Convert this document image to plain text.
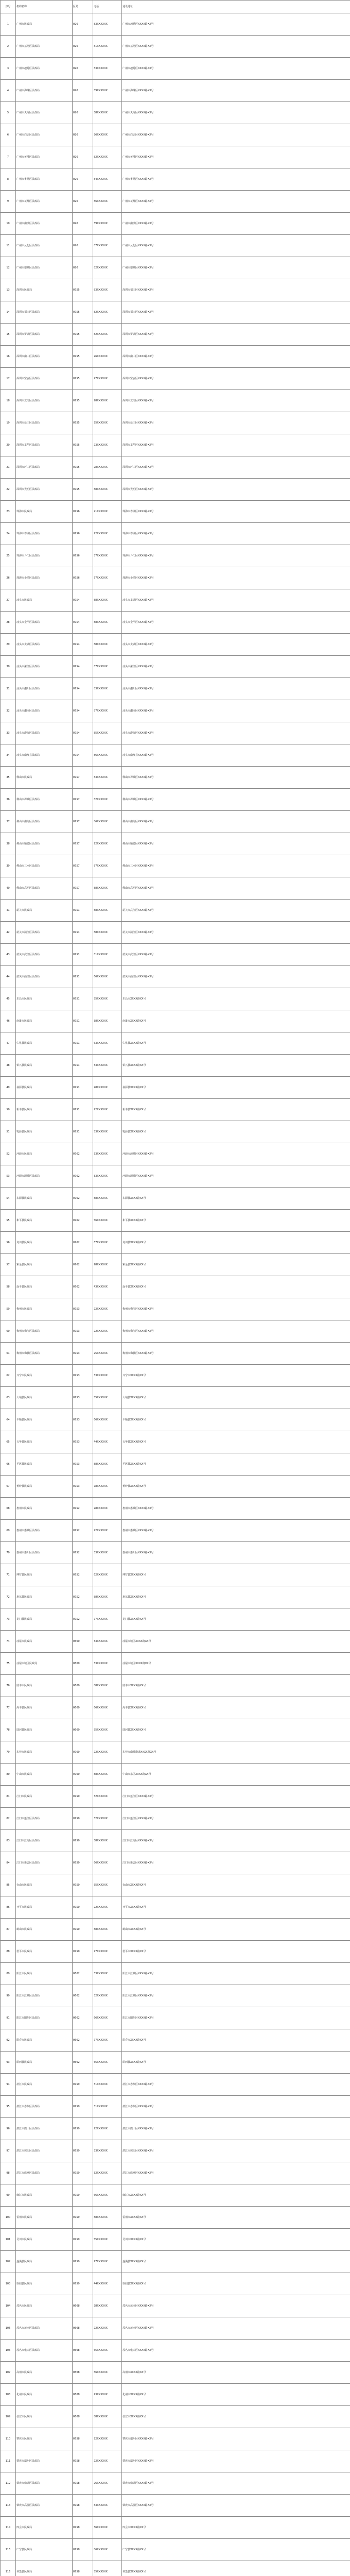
序号	机构名称	区号	电话	通讯地址
1	广州市民政局	020	83XXXXXX	广州市越秀区XXXX路XX号
2	广州市荔湾区民政局	020	81XXXXXX	广州市荔湾区XXXX路XX号
3	广州市越秀区民政局	020	83XXXXXX	广州市越秀区XXXX路XX号
4	广州市海珠区民政局	020	89XXXXXX	广州市海珠区XXXX路XX号
5	广州市天河区民政局	020	38XXXXXX	广州市天河区XXXX路XX号
6	广州市白云区民政局	020	36XXXXXX	广州市白云区XXXX路XX号
7	广州市黄埔区民政局	020	82XXXXXX	广州市黄埔区XXXX路XX号
8	广州市番禺区民政局	020	84XXXXXX	广州市番禺区XXXX路XX号
9	广州市花都区民政局	020	86XXXXXX	广州市花都区XXXX路XX号
10	广州市南沙区民政局	020	39XXXXXX	广州市南沙区XXXX路XX号
11	广州市从化区民政局	020	87XXXXXX	广州市从化区XXXX路XX号
12	广州市增城区民政局	020	82XXXXXX	广州市增城区XXXX路XX号
13	深圳市民政局	0755	83XXXXXX	深圳市福田区XXXX路XX号
14	深圳市福田区民政局	0755	82XXXXXX	深圳市福田区XXXX路XX号
15	深圳市罗湖区民政局	0755	82XXXXXX	深圳市罗湖区XXXX路XX号
16	深圳市南山区民政局	0755	26XXXXXX	深圳市南山区XXXX路XX号
17	深圳市宝安区民政局	0755	27XXXXXX	深圳市宝安区XXXX路XX号
18	深圳市龙岗区民政局	0755	28XXXXXX	深圳市龙岗区XXXX路XX号
19	深圳市盐田区民政局	0755	25XXXXXX	深圳市盐田区XXXX路XX号
20	深圳市龙华区民政局	0755	23XXXXXX	深圳市龙华区XXXX路XX号
21	深圳市坪山区民政局	0755	28XXXXXX	深圳市坪山区XXXX路XX号
22	深圳市光明区民政局	0755	88XXXXXX	深圳市光明区XXXX路XX号
23	珠海市民政局	0756	21XXXXXX	珠海市香洲区XXXX路XX号
24	珠海市香洲区民政局	0756	22XXXXXX	珠海市香洲区XXXX路XX号
25	珠海市斗门区民政局	0756	57XXXXXX	珠海市斗门区XXXX路XX号
26	珠海市金湾区民政局	0756	77XXXXXX	珠海市金湾区XXXX路XX号
27	汕头市民政局	0754	88XXXXXX	汕头市龙湖区XXXX路XX号
28	汕头市金平区民政局	0754	88XXXXXX	汕头市金平区XXXX路XX号
29	汕头市龙湖区民政局	0754	88XXXXXX	汕头市龙湖区XXXX路XX号
30	汕头市濠江区民政局	0754	87XXXXXX	汕头市濠江区XXXX路XX号
31	汕头市潮阳区民政局	0754	83XXXXXX	汕头市潮阳区XXXX路XX号
32	汕头市潮南区民政局	0754	87XXXXXX	汕头市潮南区XXXX路XX号
33	汕头市澄海区民政局	0754	85XXXXXX	汕头市澄海区XXXX路XX号
34	汕头市南澳县民政局	0754	86XXXXXX	汕头市南澳县XXXX路XX号
35	佛山市民政局	0757	83XXXXXX	佛山市禅城区XXXX路XX号
36	佛山市禅城区民政局	0757	82XXXXXX	佛山市禅城区XXXX路XX号
37	佛山市南海区民政局	0757	86XXXXXX	佛山市南海区XXXX路XX号
38	佛山市顺德区民政局	0757	22XXXXXX	佛山市顺德区XXXX路XX号
39	佛山市三水区民政局	0757	87XXXXXX	佛山市三水区XXXX路XX号
40	佛山市高明区民政局	0757	88XXXXXX	佛山市高明区XXXX路XX号
41	韶关市民政局	0751	88XXXXXX	韶关市武江区XXXX路XX号
42	韶关市浈江区民政局	0751	88XXXXXX	韶关市浈江区XXXX路XX号
43	韶关市武江区民政局	0751	81XXXXXX	韶关市武江区XXXX路XX号
44	韶关市曲江区民政局	0751	66XXXXXX	韶关市曲江区XXXX路XX号
45	乐昌市民政局	0751	55XXXXXX	乐昌市XXXX路XX号
46	南雄市民政局	0751	38XXXXXX	南雄市XXXX路XX号
47	仁化县民政局	0751	63XXXXXX	仁化县XXXX路XX号
48	始兴县民政局	0751	33XXXXXX	始兴县XXXX路XX号
49	翁源县民政局	0751	28XXXXXX	翁源县XXXX路XX号
50	新丰县民政局	0751	22XXXXXX	新丰县XXXX路XX号
51	乳源县民政局	0751	53XXXXXX	乳源县XXXX路XX号
52	河源市民政局	0762	33XXXXXX	河源市源城区XXXX路XX号
53	河源市源城区民政局	0762	33XXXXXX	河源市源城区XXXX路XX号
54	东源县民政局	0762	88XXXXXX	东源县XXXX路XX号
55	和平县民政局	0762	56XXXXXX	和平县XXXX路XX号
56	龙川县民政局	0762	67XXXXXX	龙川县XXXX路XX号
57	紫金县民政局	0762	78XXXXXX	紫金县XXXX路XX号
58	连平县民政局	0762	43XXXXXX	连平县XXXX路XX号
59	梅州市民政局	0753	22XXXXXX	梅州市梅江区XXXX路XX号
60	梅州市梅江区民政局	0753	22XXXXXX	梅州市梅江区XXXX路XX号
61	梅州市梅县区民政局	0753	25XXXXXX	梅州市梅县区XXXX路XX号
62	兴宁市民政局	0753	33XXXXXX	兴宁市XXXX路XX号
63	大埔县民政局	0753	55XXXXXX	大埔县XXXX路XX号
64	丰顺县民政局	0753	66XXXXXX	丰顺县XXXX路XX号
65	五华县民政局	0753	44XXXXXX	五华县XXXX路XX号
66	平远县民政局	0753	88XXXXXX	平远县XXXX路XX号
67	蕉岭县民政局	0753	78XXXXXX	蕉岭县XXXX路XX号
68	惠州市民政局	0752	28XXXXXX	惠州市惠城区XXXX路XX号
69	惠州市惠城区民政局	0752	22XXXXXX	惠州市惠城区XXXX路XX号
70	惠州市惠阳区民政局	0752	33XXXXXX	惠州市惠阳区XXXX路XX号
71	博罗县民政局	0752	62XXXXXX	博罗县XXXX路XX号
72	惠东县民政局	0752	88XXXXXX	惠东县XXXX路XX号
73	龙门县民政局	0752	77XXXXXX	龙门县XXXX路XX号
74	汕尾市民政局	0660	33XXXXXX	汕尾市城区XXXX路XX号
75	汕尾市城区民政局	0660	33XXXXXX	汕尾市城区XXXX路XX号
76	陆丰市民政局	0660	88XXXXXX	陆丰市XXXX路XX号
77	海丰县民政局	0660	66XXXXXX	海丰县XXXX路XX号
78	陆河县民政局	0660	55XXXXXX	陆河县XXXX路XX号
79	东莞市民政局	0769	22XXXXXX	东莞市南城街道XXXX路XX号
80	中山市民政局	0760	88XXXXXX	中山市东区XXXX路XX号
81	江门市民政局	0750	32XXXXXX	江门市蓬江区XXXX路XX号
82	江门市蓬江区民政局	0750	32XXXXXX	江门市蓬江区XXXX路XX号
83	江门市江海区民政局	0750	38XXXXXX	江门市江海区XXXX路XX号
84	江门市新会区民政局	0750	66XXXXXX	江门市新会区XXXX路XX号
85	台山市民政局	0750	55XXXXXX	台山市XXXX路XX号
86	开平市民政局	0750	22XXXXXX	开平市XXXX路XX号
87	鹤山市民政局	0750	88XXXXXX	鹤山市XXXX路XX号
88	恩平市民政局	0750	77XXXXXX	恩平市XXXX路XX号
89	阳江市民政局	0662	33XXXXXX	阳江市江城区XXXX路XX号
90	阳江市江城区民政局	0662	32XXXXXX	阳江市江城区XXXX路XX号
91	阳江市阳东区民政局	0662	66XXXXXX	阳江市阳东区XXXX路XX号
92	阳春市民政局	0662	77XXXXXX	阳春市XXXX路XX号
93	阳西县民政局	0662	55XXXXXX	阳西县XXXX路XX号
94	湛江市民政局	0759	31XXXXXX	湛江市赤坎区XXXX路XX号
95	湛江市赤坎区民政局	0759	31XXXXXX	湛江市赤坎区XXXX路XX号
96	湛江市霞山区民政局	0759	22XXXXXX	湛江市霞山区XXXX路XX号
97	湛江市坡头区民政局	0759	33XXXXXX	湛江市坡头区XXXX路XX号
98	湛江市麻章区民政局	0759	32XXXXXX	湛江市麻章区XXXX路XX号
99	廉江市民政局	0759	66XXXXXX	廉江市XXXX路XX号
100	雷州市民政局	0759	88XXXXXX	雷州市XXXX路XX号
101	吴川市民政局	0759	55XXXXXX	吴川市XXXX路XX号
102	遂溪县民政局	0759	77XXXXXX	遂溪县XXXX路XX号
103	徐闻县民政局	0759	44XXXXXX	徐闻县XXXX路XX号
104	茂名市民政局	0668	28XXXXXX	茂名市茂南区XXXX路XX号
105	茂名市茂南区民政局	0668	22XXXXXX	茂名市茂南区XXXX路XX号
106	茂名市电白区民政局	0668	55XXXXXX	茂名市电白区XXXX路XX号
107	高州市民政局	0668	66XXXXXX	高州市XXXX路XX号
108	化州市民政局	0668	73XXXXXX	化州市XXXX路XX号
109	信宜市民政局	0668	88XXXXXX	信宜市XXXX路XX号
110	肇庆市民政局	0758	22XXXXXX	肇庆市端州区XXXX路XX号
111	肇庆市端州区民政局	0758	22XXXXXX	肇庆市端州区XXXX路XX号
112	肇庆市鼎湖区民政局	0758	26XXXXXX	肇庆市鼎湖区XXXX路XX号
113	肇庆市高要区民政局	0758	83XXXXXX	肇庆市高要区XXXX路XX号
114	四会市民政局	0758	36XXXXXX	四会市XXXX路XX号
115	广宁县民政局	0758	86XXXXXX	广宁县XXXX路XX号
116	怀集县民政局	0758	55XXXXXX	怀集县XXXX路XX号
